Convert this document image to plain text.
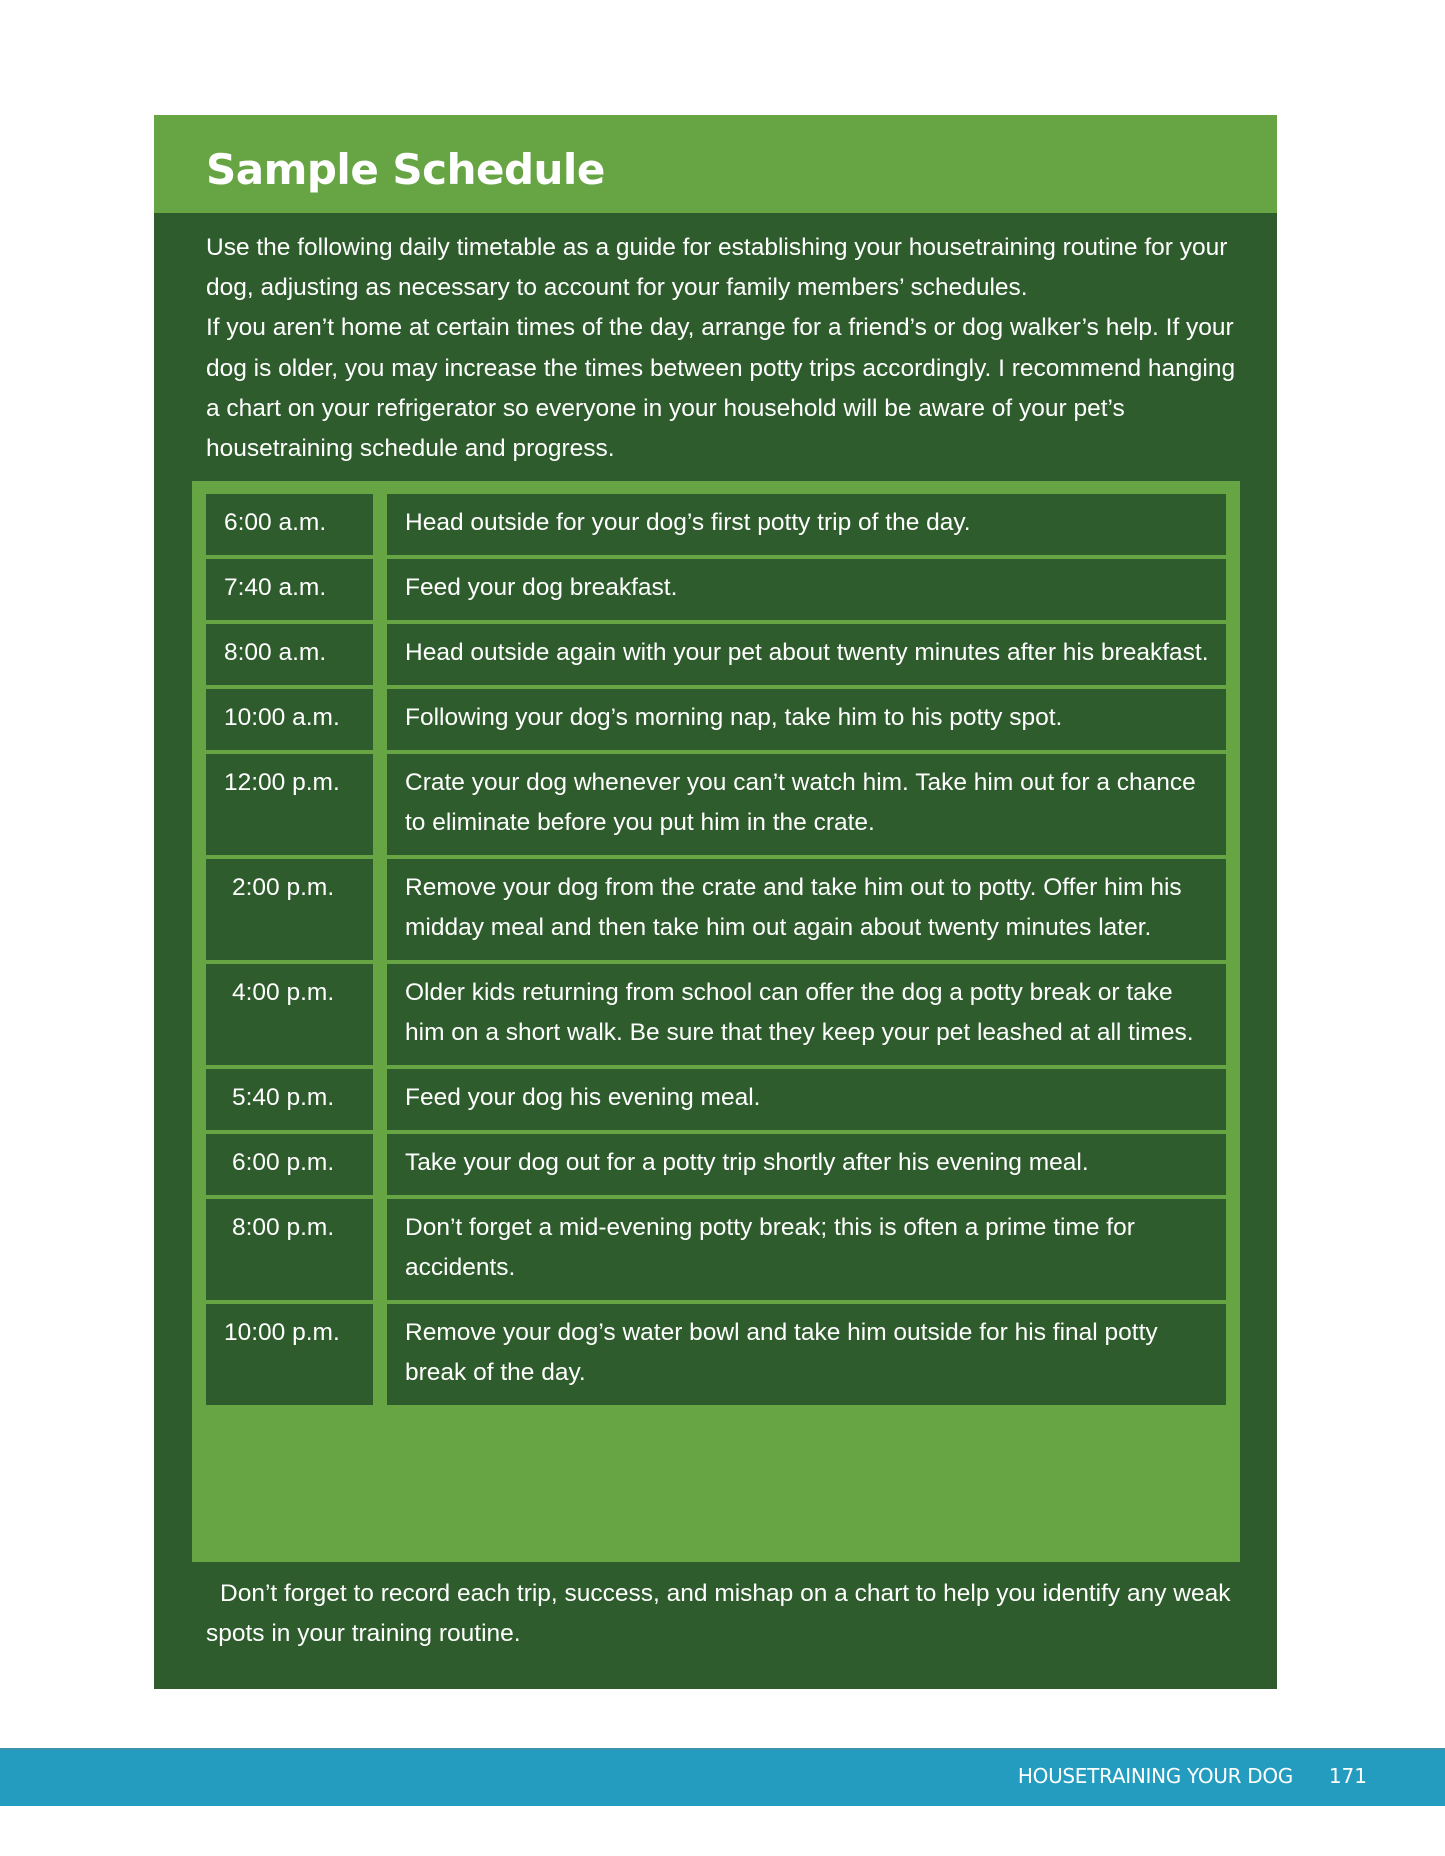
Sample Schedule

Use the following daily timetable as a guide for establishing your housetraining routine for your dog, adjusting as necessary to account for your family members’ schedules.

If you aren’t home at certain times of the day, arrange for a friend’s or dog walker’s help. If your dog is older, you may increase the times between potty trips accordingly. I recommend hanging a chart on your refrigerator so everyone in your household will be aware of your pet’s housetraining schedule and progress.

6:00 a.m.	Head outside for your dog’s first potty trip of the day.
7:40 a.m.	Feed your dog breakfast.
8:00 a.m.	Head outside again with your pet about twenty minutes after his breakfast.
10:00 a.m.	Following your dog’s morning nap, take him to his potty spot.
12:00 p.m.	Crate your dog whenever you can’t watch him. Take him out for a chance to eliminate before you put him in the crate.
2:00 p.m.	Remove your dog from the crate and take him out to potty. Offer him his midday meal and then take him out again about twenty minutes later.
4:00 p.m.	Older kids returning from school can offer the dog a potty break or take him on a short walk. Be sure that they keep your pet leashed at all times.
5:40 p.m.	Feed your dog his evening meal.
6:00 p.m.	Take your dog out for a potty trip shortly after his evening meal.
8:00 p.m.	Don’t forget a mid-evening potty break; this is often a prime time for accidents.
10:00 p.m.	Remove your dog’s water bowl and take him outside for his final potty break of the day.

Don’t forget to record each trip, success, and mishap on a chart to help you identify any weak spots in your training routine.

HOUSETRAINING YOUR DOG 171
